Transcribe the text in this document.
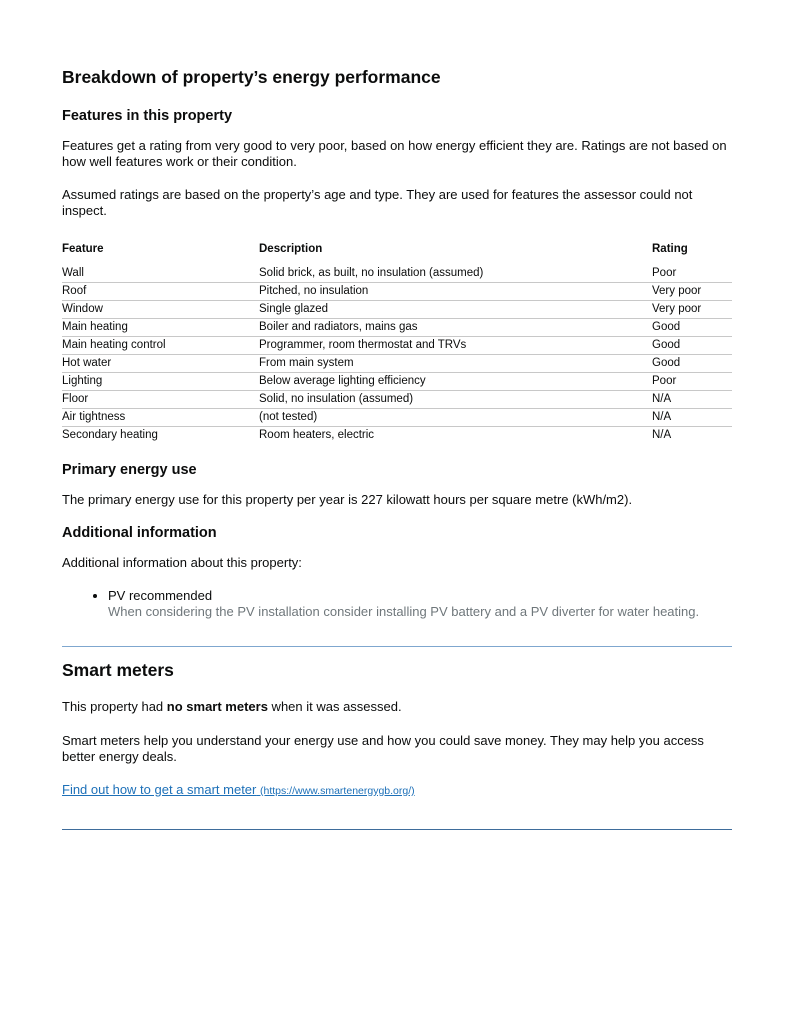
Breakdown of property’s energy performance
Features in this property

Features get a rating from very good to very poor, based on how energy efficient they are. Ratings are not based on how well features work or their condition.

Assumed ratings are based on the property’s age and type. They are used for features the assessor could not inspect.

Feature	Description	Rating
Wall	Solid brick, as built, no insulation (assumed)	Poor
Roof	Pitched, no insulation	Very poor
Window	Single glazed	Very poor
Main heating	Boiler and radiators, mains gas	Good
Main heating control	Programmer, room thermostat and TRVs	Good
Hot water	From main system	Good
Lighting	Below average lighting efficiency	Poor
Floor	Solid, no insulation (assumed)	N/A
Air tightness	(not tested)	N/A
Secondary heating	Room heaters, electric	N/A
Primary energy use

The primary energy use for this property per year is 227 kilowatt hours per square metre (kWh/m2).

Additional information

Additional information about this property:

• PV recommended
When considering the PV installation consider installing PV battery and a PV diverter for water heating.
Smart meters

This property had no smart meters when it was assessed.

Smart meters help you understand your energy use and how you could save money. They may help you access better energy deals.

Find out how to get a smart meter (https://www.smartenergygb.org/)
